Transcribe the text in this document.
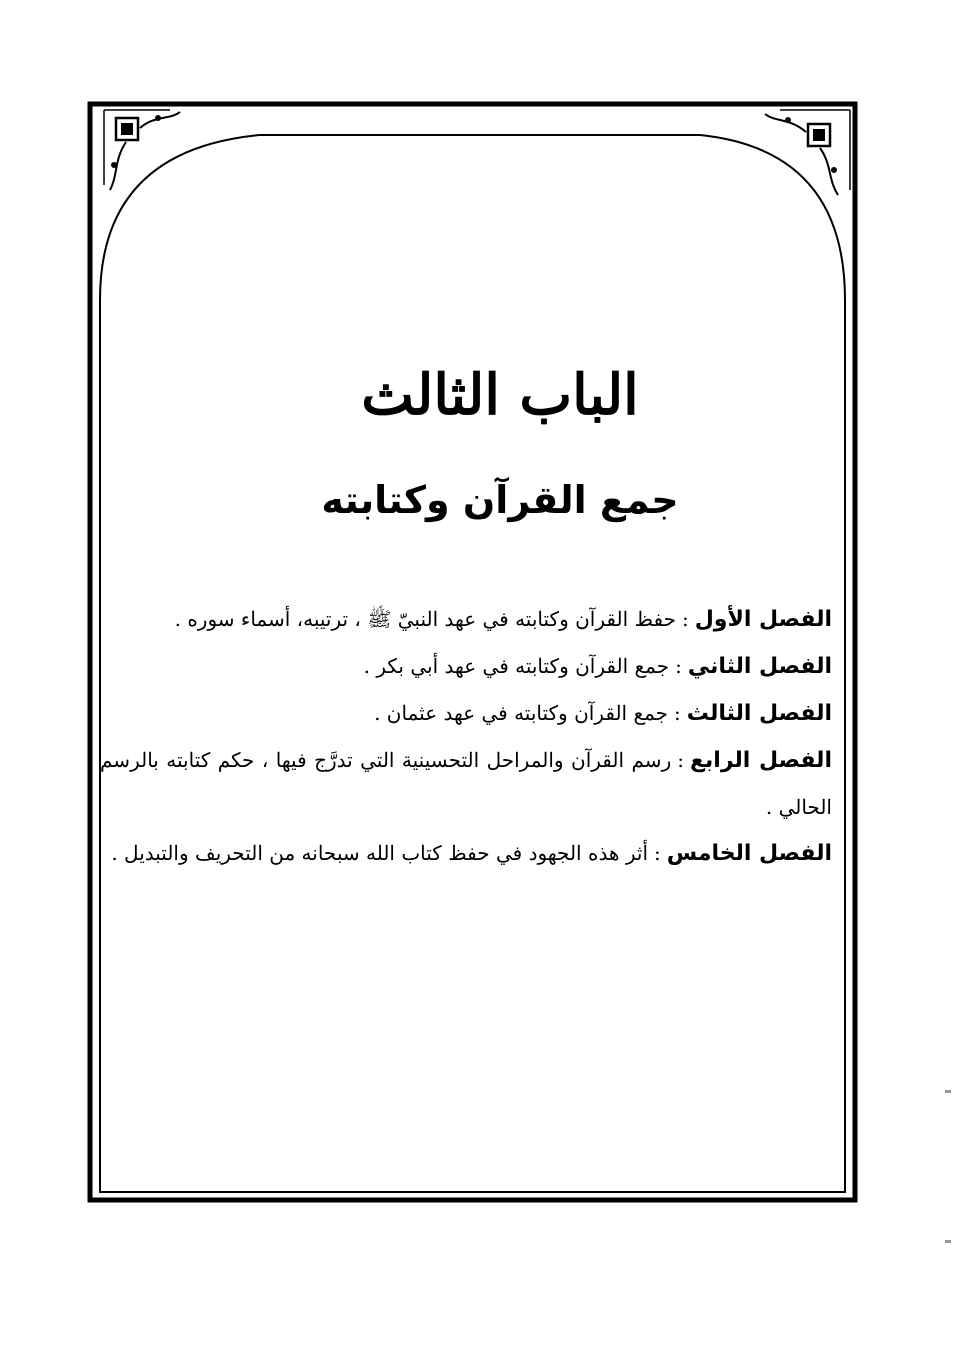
الباب الثالث
جمع القرآن وكتابته
الفصل الأول:حفظ القرآن وكتابته في عهد النبيّ ﷺ ، ترتيبه، أسماء سوره .
الفصل الثاني:جمع القرآن وكتابته في عهد أبي بكر .
الفصل الثالث:جمع القرآن وكتابته في عهد عثمان .
الفصل الرابع:رسم القرآن والمراحل التحسينية التي تدرَّج فيها ، حكم كتابته بالرسم الحالي .
الفصل الخامس:أثر هذه الجهود في حفظ كتاب الله سبحانه من التحريف والتبديل .
